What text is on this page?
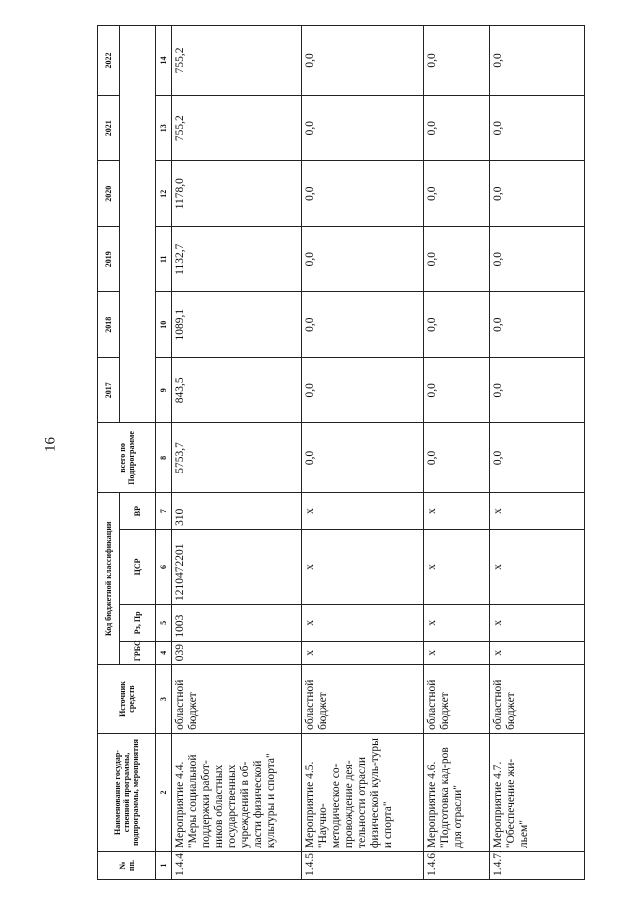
16
№ пп.	Наименование государ-ственной программы, подпрограммы, мероприятия	Источник средств	Код бюджетной классификации				всего по Подпрограмме	2017	2018	2019	2020	2021	2022
			ГРБС	Рз, Пр	ЦСР	ВР							
1	2	3	4	5	6	7	8	9	10	11	12	13	14
1.4.4.	Мероприятие 4.4. "Меры социальной поддержки работ-ников областных государственных учреждений в об-ласти физической культуры и спорта"	областной бюджет	039	1003	1210472201	310	5753,7	843,5	1089,1	1132,7	1178,0	755,2	755,2
1.4.5.	Мероприятие 4.5. "Научно-методическое со-провождение дея-тельности отрасли физической куль-туры и спорта"	областной бюджет	x	x	x	x	0,0	0,0	0,0	0,0	0,0	0,0	0,0
1.4.6.	Мероприятие 4.6. "Подготовка кад-ров для отрасли"	областной бюджет	x	x	x	x	0,0	0,0	0,0	0,0	0,0	0,0	0,0
1.4.7.	Мероприятие 4.7. "Обеспечение жи-льем"	областной бюджет	x	x	x	x	0,0	0,0	0,0	0,0	0,0	0,0	0,0
